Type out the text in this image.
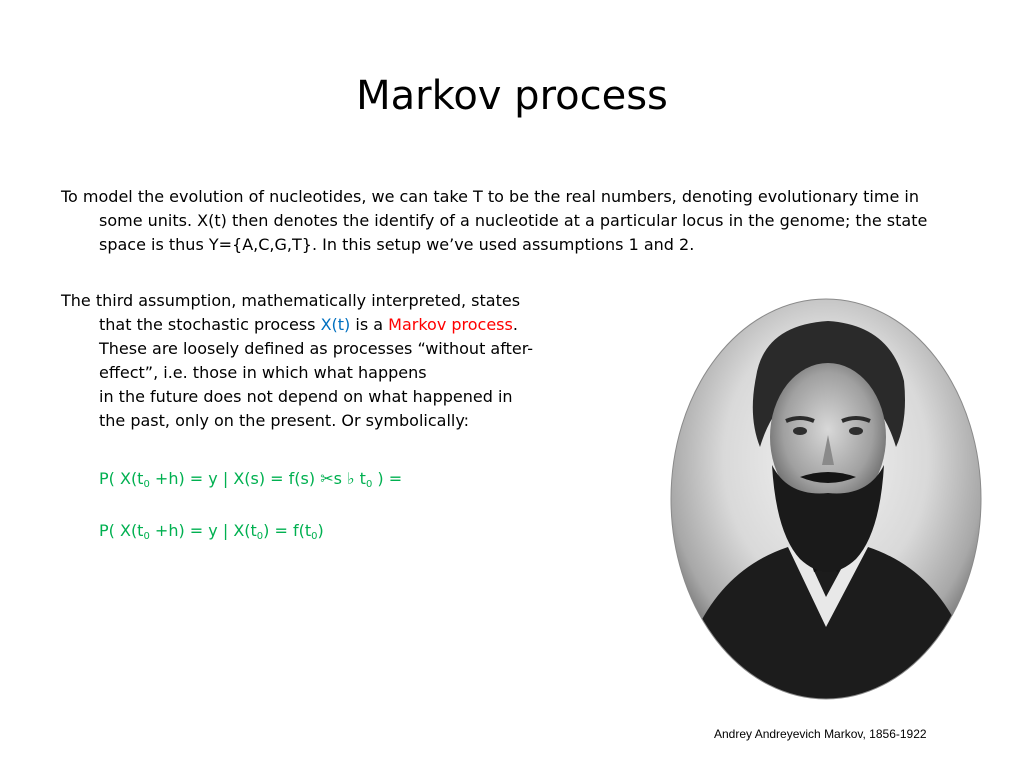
Markov process
To model the evolution of nucleotides, we can take T to be the real numbers, denoting evolutionary time in
some units. X(t) then denotes the identify of a nucleotide at a particular locus in the genome; the state
space is thus Y={A,C,G,T}. In this setup we’ve used assumptions 1 and 2.
The third assumption, mathematically interpreted, states
that the stochastic process X(t) is a Markov process.
These are loosely defined as processes “without after-
effect”, i.e. those in which what happens
in the future does not depend on what happened in
the past, only on the present. Or symbolically:
P( $X(t_0 +h) = y$ | X(s) = f(s) ✂s ♭ $t_0$ ) =
P( $X(t_0 +h) = y$ | $X(t_0) = f(t_0)$
Andrey Andreyevich Markov, 1856-1922
